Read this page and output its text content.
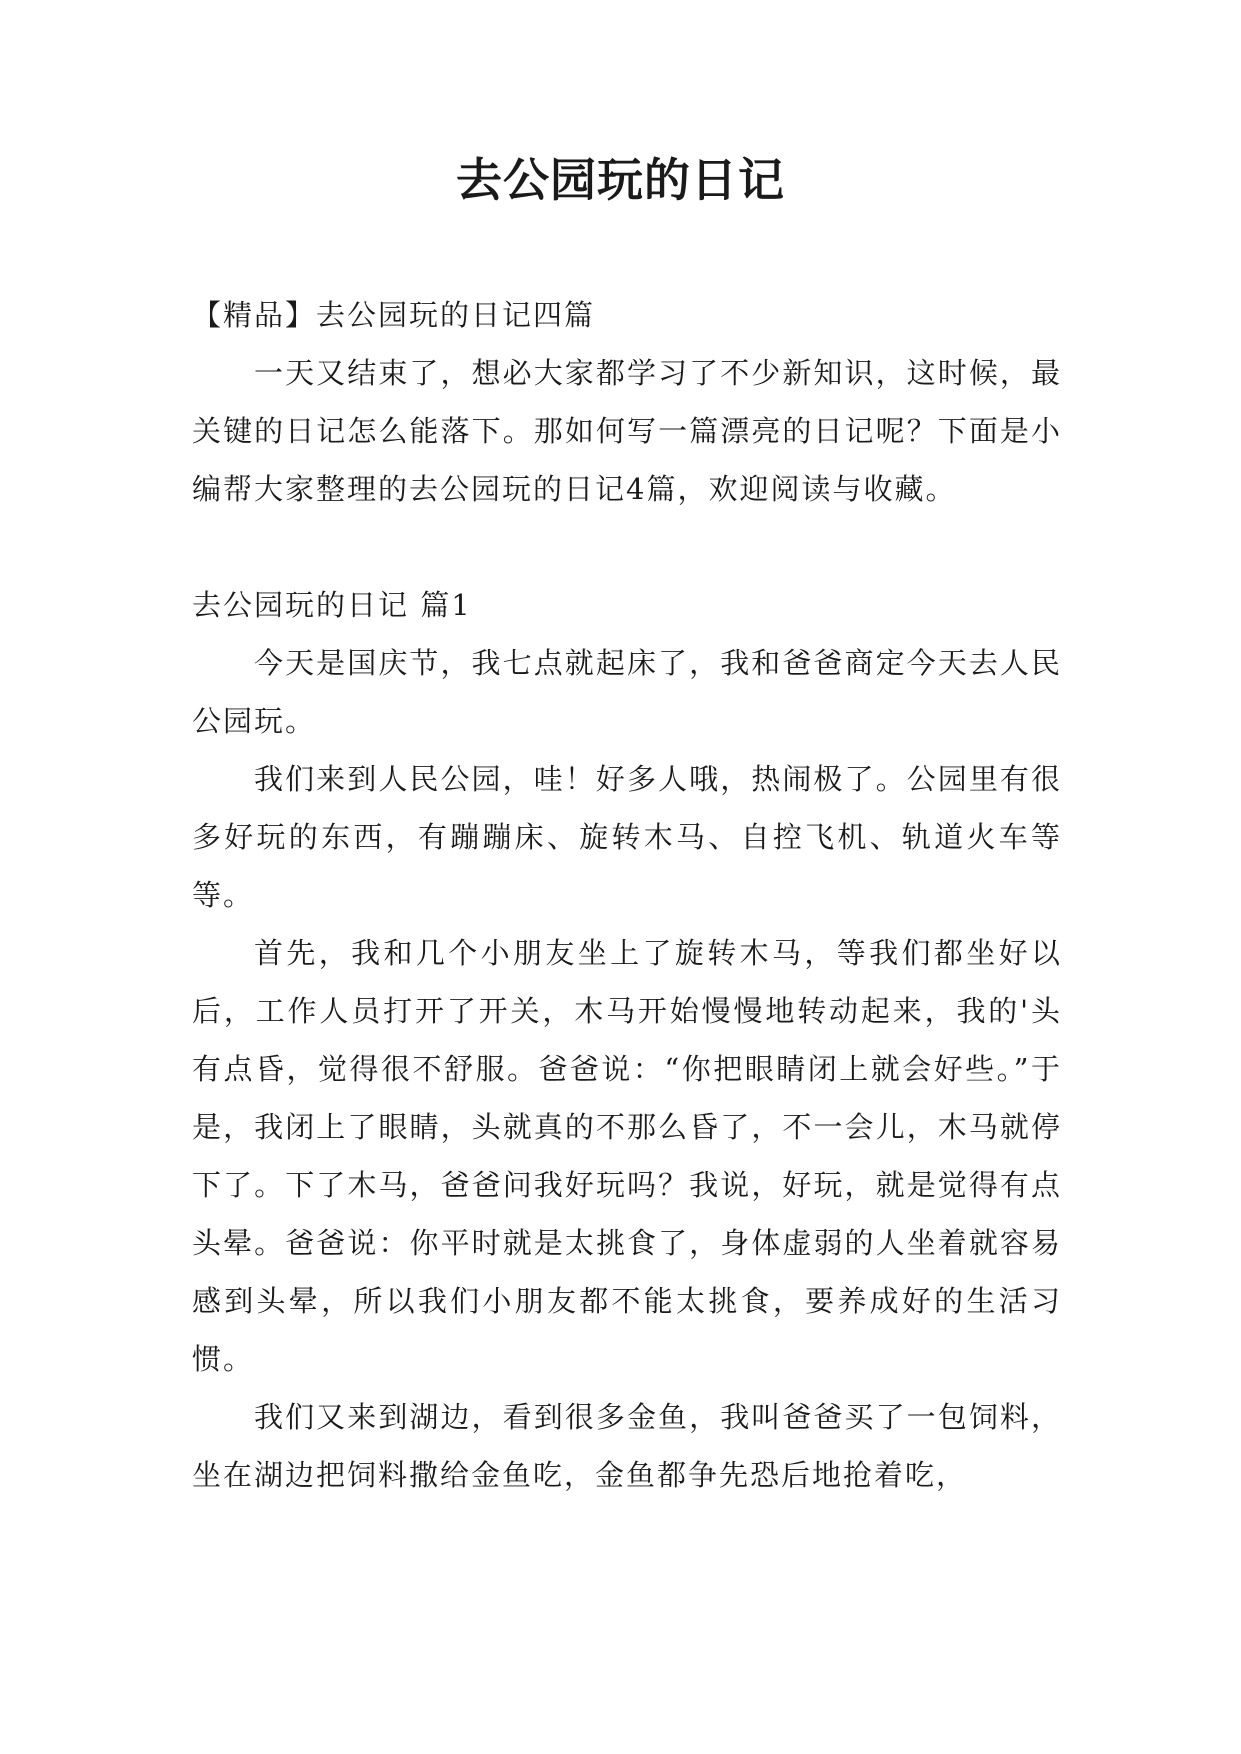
去公园玩的日记

【精品】去公园玩的日记四篇

一天又结束了，想必大家都学习了不少新知识，这时候，最关键的日记怎么能落下。那如何写一篇漂亮的日记呢？下面是小编帮大家整理的去公园玩的日记4篇，欢迎阅读与收藏。

去公园玩的日记 篇1

今天是国庆节，我七点就起床了，我和爸爸商定今天去人民公园玩。

我们来到人民公园，哇！好多人哦，热闹极了。公园里有很多好玩的东西，有蹦蹦床、旋转木马、自控飞机、轨道火车等等。

首先，我和几个小朋友坐上了旋转木马，等我们都坐好以后，工作人员打开了开关，木马开始慢慢地转动起来，我的'头有点昏，觉得很不舒服。爸爸说：“你把眼睛闭上就会好些。”于是，我闭上了眼睛，头就真的不那么昏了，不一会儿，木马就停下了。下了木马，爸爸问我好玩吗？我说，好玩，就是觉得有点头晕。爸爸说：你平时就是太挑食了，身体虚弱的人坐着就容易感到头晕，所以我们小朋友都不能太挑食，要养成好的生活习惯。

我们又来到湖边，看到很多金鱼，我叫爸爸买了一包饲料，坐在湖边把饲料撒给金鱼吃，金鱼都争先恐后地抢着吃，
